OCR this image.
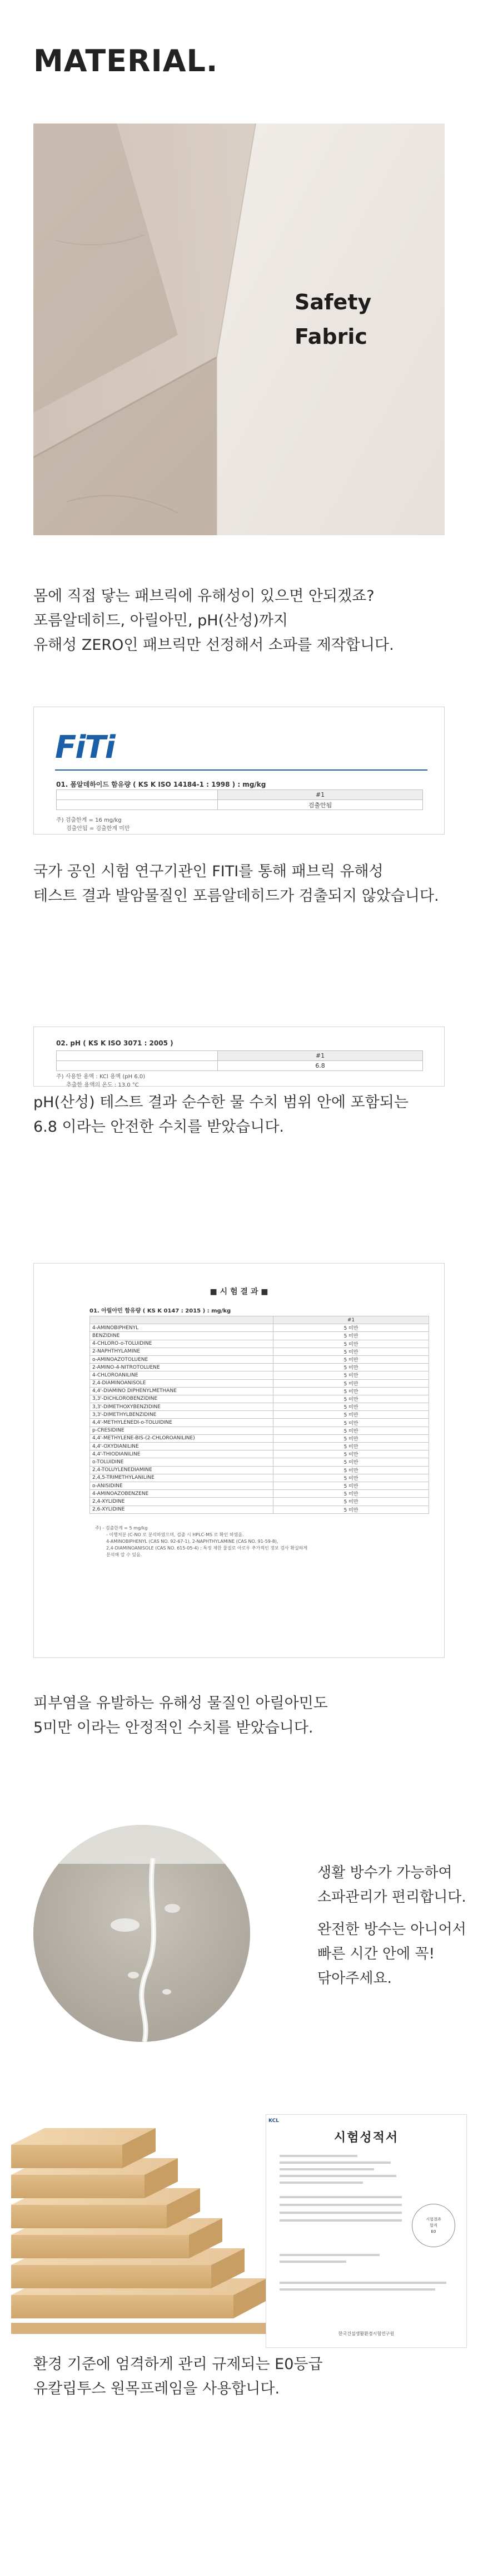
MATERIAL.
Safety
Fabric
몸에 직접 닿는 패브릭에 유해성이 있으면 안되겠죠?
포름알데히드, 아릴아민, pH(산성)까지
유해성 ZERO인 패브릭만 선정해서 소파를 제작합니다.
FiTi
01. 폼알데하이드 함유량 ( KS K ISO 14184-1 : 1998 ) : mg/kg
	#1
	검출안됨
주) 검출한계 = 16 mg/kg
검출안됨 = 검출한계 미만
국가 공인 시험 연구기관인 FITI를 통해 패브릭 유해성
테스트 결과 발암물질인 포름알데히드가 검출되지 않았습니다.
02. pH ( KS K ISO 3071 : 2005 )
	#1
	6.8
주) 사용한 용액 : KCl 용액 (pH 6.0)
추출한 용액의 온도 : 13.0 °C
pH(산성) 테스트 결과 순수한 물 수치 범위 안에 포함되는
6.8 이라는 안전한 수치를 받았습니다.
■ 시 험 결 과 ■
01. 아릴아민 함유량 ( KS K 0147 : 2015 ) : mg/kg
	#1
4-AMINOBIPHENYL	5 미만
BENZIDINE	5 미만
4-CHLORO-o-TOLUIDINE	5 미만
2-NAPHTHYLAMINE	5 미만
o-AMINOAZOTOLUENE	5 미만
2-AMINO-4-NITROTOLUENE	5 미만
4-CHLOROANILINE	5 미만
2,4-DIAMINOANISOLE	5 미만
4,4'-DIAMINO DIPHENYLMETHANE	5 미만
3,3'-DICHLOROBENZIDINE	5 미만
3,3'-DIMETHOXYBENZIDINE	5 미만
3,3'-DIMETHYLBENZIDINE	5 미만
4,4'-METHYLENEDI-o-TOLUIDINE	5 미만
p-CRESIDINE	5 미만
4,4'-METHYLENE-BIS-(2-CHLOROANILINE)	5 미만
4,4'-OXYDIANILINE	5 미만
4,4'-THIODIANILINE	5 미만
o-TOLUIDINE	5 미만
2,4-TOLUYLENEDIAMINE	5 미만
2,4,5-TRIMETHYLANILINE	5 미만
o-ANISIDINE	5 미만
4-AMINOAZOBENZENE	5 미만
2,4-XYLIDINE	5 미만
2,6-XYLIDINE	5 미만
주) - 검출한계 = 5 mg/kg
- 이행처분 (C-NO 로 분석하였으며, 검출 시 HPLC-MS 로 확인 하였음.
4-AMINOBIPHENYL (CAS NO. 92-67-1), 2-NAPHTHYLAMINE (CAS NO. 91-59-8),
2,4-DIAMINOANISOLE (CAS NO. 615-05-4) : 특정 제한 물질로 아로우 추가적인 정보 검사 확실하게
분석해 알 수 있음.
피부염을 유발하는 유해성 물질인 아릴아민도
5미만 이라는 안정적인 수치를 받았습니다.
생활 방수가 가능하여
소파관리가 편리합니다.
완전한 방수는 아니어서
빠른 시간 안에 꼭!
닦아주세요.
KCL
시험성적서
시험결과
합격
E0
한국건설생활환경시험연구원
환경 기준에 엄격하게 관리 규제되는 E0등급
유칼립투스 원목프레임을 사용합니다.
